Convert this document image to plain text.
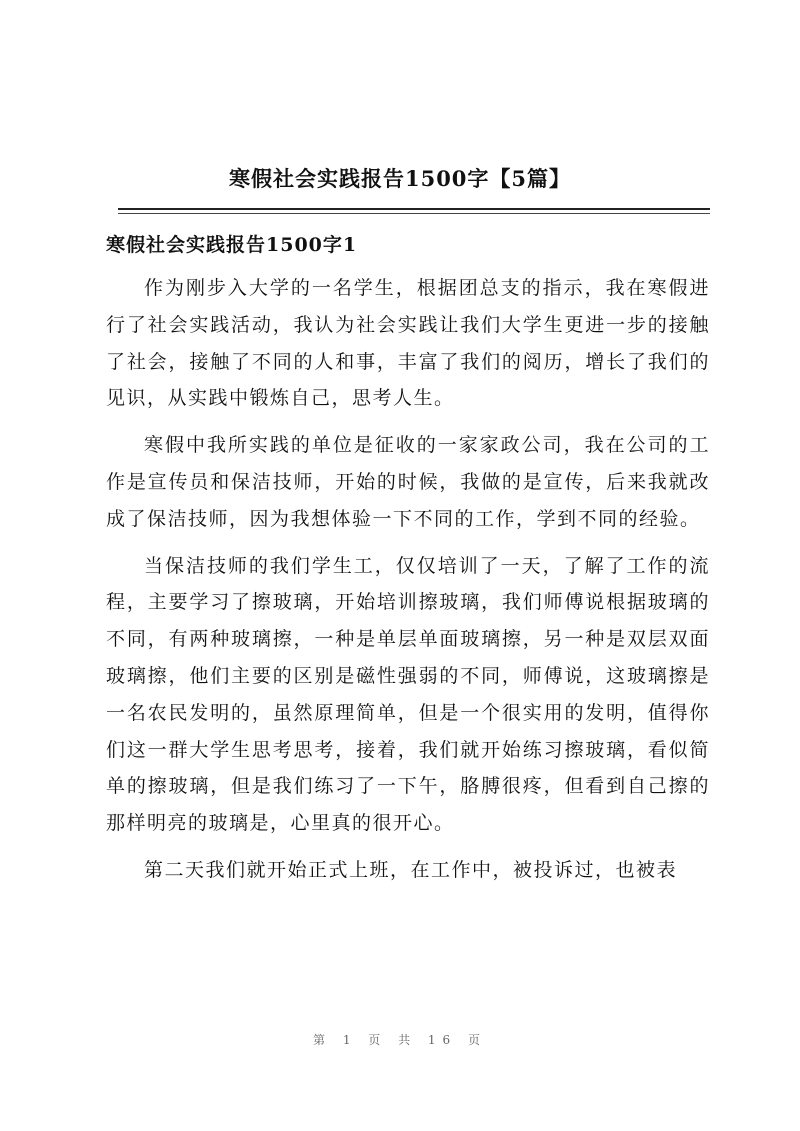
寒假社会实践报告1500字【5篇】
寒假社会实践报告1500字1

作为刚步入大学的一名学生，根据团总支的指示，我在寒假进行了社会实践活动，我认为社会实践让我们大学生更进一步的接触了社会，接触了不同的人和事，丰富了我们的阅历，增长了我们的见识，从实践中锻炼自己，思考人生。

寒假中我所实践的单位是征收的一家家政公司，我在公司的工作是宣传员和保洁技师，开始的时候，我做的是宣传，后来我就改成了保洁技师，因为我想体验一下不同的工作，学到不同的经验。

当保洁技师的我们学生工，仅仅培训了一天，了解了工作的流程，主要学习了擦玻璃，开始培训擦玻璃，我们师傅说根据玻璃的不同，有两种玻璃擦，一种是单层单面玻璃擦，另一种是双层双面玻璃擦，他们主要的区别是磁性强弱的不同，师傅说，这玻璃擦是一名农民发明的，虽然原理简单，但是一个很实用的发明，值得你们这一群大学生思考思考，接着，我们就开始练习擦玻璃，看似简单的擦玻璃，但是我们练习了一下午，胳膊很疼，但看到自己擦的那样明亮的玻璃是，心里真的很开心。

第二天我们就开始正式上班，在工作中，被投诉过，也被表

第 1 页 共 16 页
